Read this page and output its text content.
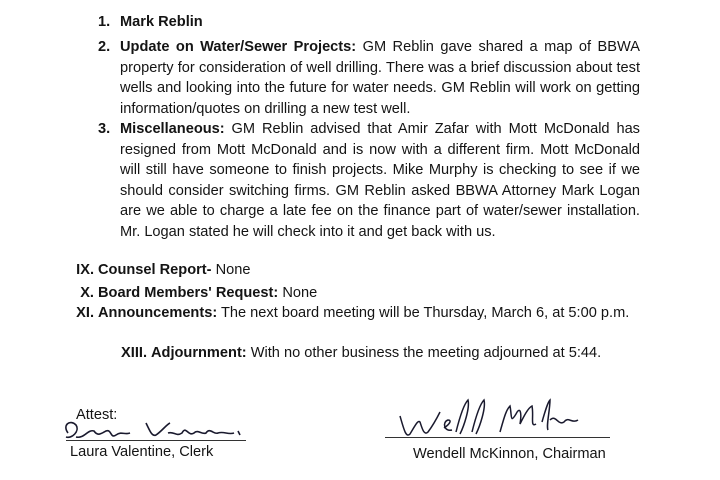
1. Mark Reblin
2. Update on Water/Sewer Projects: GM Reblin gave shared a map of BBWA property for consideration of well drilling. There was a brief discussion about test wells and looking into the future for water needs. GM Reblin will work on getting information/quotes on drilling a new test well.
3. Miscellaneous: GM Reblin advised that Amir Zafar with Mott McDonald has resigned from Mott McDonald and is now with a different firm. Mott McDonald will still have someone to finish projects. Mike Murphy is checking to see if we should consider switching firms. GM Reblin asked BBWA Attorney Mark Logan are we able to charge a late fee on the finance part of water/sewer installation. Mr. Logan stated he will check into it and get back with us.
IX. Counsel Report- None
X. Board Members' Request: None
XI. Announcements: The next board meeting will be Thursday, March 6, at 5:00 p.m.
XIII. Adjournment: With no other business the meeting adjourned at 5:44.
Attest:
Laura Valentine, Clerk	Wendell McKinnon, Chairman
